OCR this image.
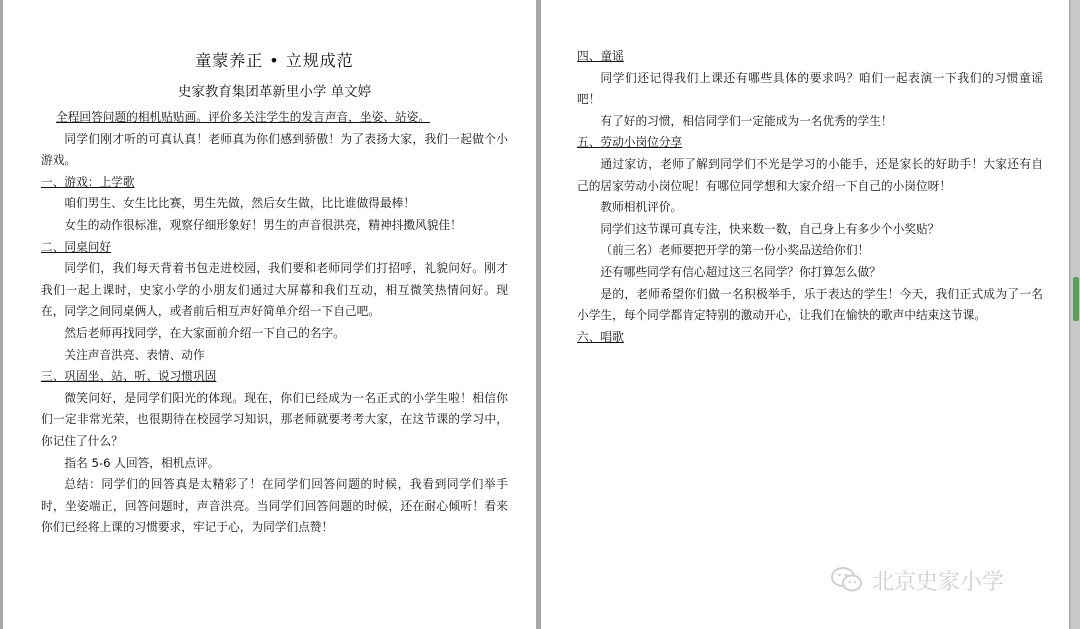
童蒙养正 • 立规成范

史家教育集团革新里小学 单文婷

全程回答问题的相机贴贴画。评价多关注学生的发言声音，坐姿、站姿。

同学们刚才听的可真认真！老师真为你们感到骄傲！为了表扬大家，我们一起做个小游戏。

一、游戏：上学歌

咱们男生、女生比比赛，男生先做，然后女生做，比比谁做得最棒！

女生的动作很标准，观察仔细形象好！男生的声音很洪亮，精神抖擞风貌佳！

二、同桌问好

同学们，我们每天背着书包走进校园，我们要和老师同学们打招呼，礼貌问好。刚才我们一起上课时，史家小学的小朋友们通过大屏幕和我们互动，相互微笑热情问好。现在，同学之间同桌俩人，或者前后相互声好简单介绍一下自己吧。

然后老师再找同学，在大家面前介绍一下自己的名字。

关注声音洪亮、表情、动作

三、巩固坐、站、听、说习惯巩固

微笑问好，是同学们阳光的体现。现在，你们已经成为一名正式的小学生啦！相信你们一定非常光荣，也很期待在校园学习知识，那老师就要考考大家，在这节课的学习中，你记住了什么？

指名 5-6 人回答，相机点评。

总结：同学们的回答真是太精彩了！在同学们回答问题的时候，我看到同学们举手时，坐姿端正，回答问题时，声音洪亮。当同学们回答问题的时候，还在耐心倾听！看来你们已经将上课的习惯要求，牢记于心，为同学们点赞！

四、童谣

同学们还记得我们上课还有哪些具体的要求吗？咱们一起表演一下我们的习惯童谣吧！

有了好的习惯，相信同学们一定能成为一名优秀的学生！

五、劳动小岗位分享

通过家访，老师了解到同学们不光是学习的小能手，还是家长的好助手！大家还有自己的居家劳动小岗位呢！有哪位同学想和大家介绍一下自己的小岗位呀！

教师相机评价。

同学们这节课可真专注，快来数一数，自己身上有多少个小奖贴？

（前三名）老师要把开学的第一份小奖品送给你们！

还有哪些同学有信心超过这三名同学？你打算怎么做？

是的，老师希望你们做一名积极举手，乐于表达的学生！今天，我们正式成为了一名小学生，每个同学都肯定特别的激动开心，让我们在愉快的歌声中结束这节课。

六、唱歌

北京史家小学
